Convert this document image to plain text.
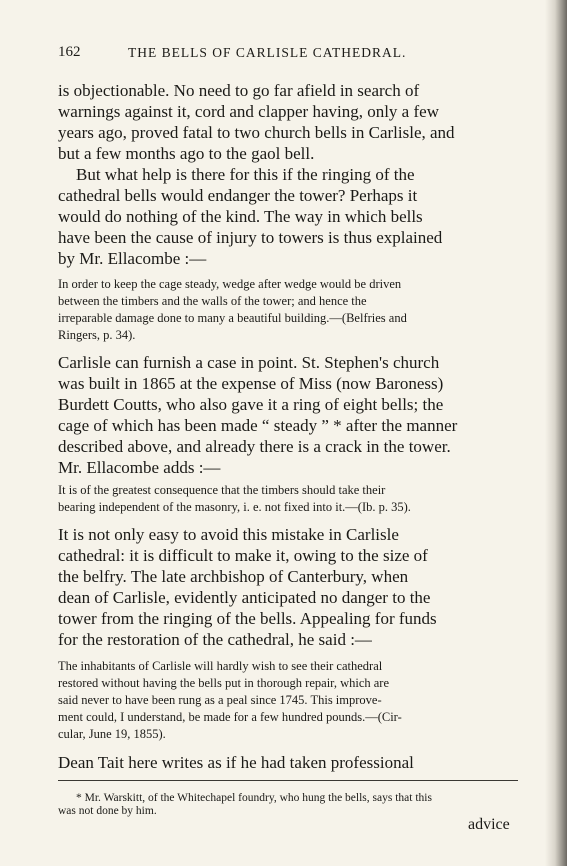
162	THE BELLS OF CARLISLE CATHEDRAL.
is objectionable. No need to go far afield in search of
warnings against it, cord and clapper having, only a few
years ago, proved fatal to two church bells in Carlisle, and
but a few months ago to the gaol bell.
But what help is there for this if the ringing of the
cathedral bells would endanger the tower? Perhaps it
would do nothing of the kind. The way in which bells
have been the cause of injury to towers is thus explained
by Mr. Ellacombe :—
In order to keep the cage steady, wedge after wedge would be driven
between the timbers and the walls of the tower; and hence the
irreparable damage done to many a beautiful building.—(Belfries and
Ringers, p. 34).
Carlisle can furnish a case in point. St. Stephen's church
was built in 1865 at the expense of Miss (now Baroness)
Burdett Coutts, who also gave it a ring of eight bells; the
cage of which has been made “ steady ” * after the manner
described above, and already there is a crack in the tower.
Mr. Ellacombe adds :—
It is of the greatest consequence that the timbers should take their
bearing independent of the masonry, i. e. not fixed into it.—(Ib. p. 35).
It is not only easy to avoid this mistake in Carlisle
cathedral: it is difficult to make it, owing to the size of
the belfry. The late archbishop of Canterbury, when
dean of Carlisle, evidently anticipated no danger to the
tower from the ringing of the bells. Appealing for funds
for the restoration of the cathedral, he said :—
The inhabitants of Carlisle will hardly wish to see their cathedral
restored without having the bells put in thorough repair, which are
said never to have been rung as a peal since 1745. This improve-
ment could, I understand, be made for a few hundred pounds.—(Cir-
cular, June 19, 1855).
Dean Tait here writes as if he had taken professional
* Mr. Warskitt, of the Whitechapel foundry, who hung the bells, says that this
was not done by him.
advice
